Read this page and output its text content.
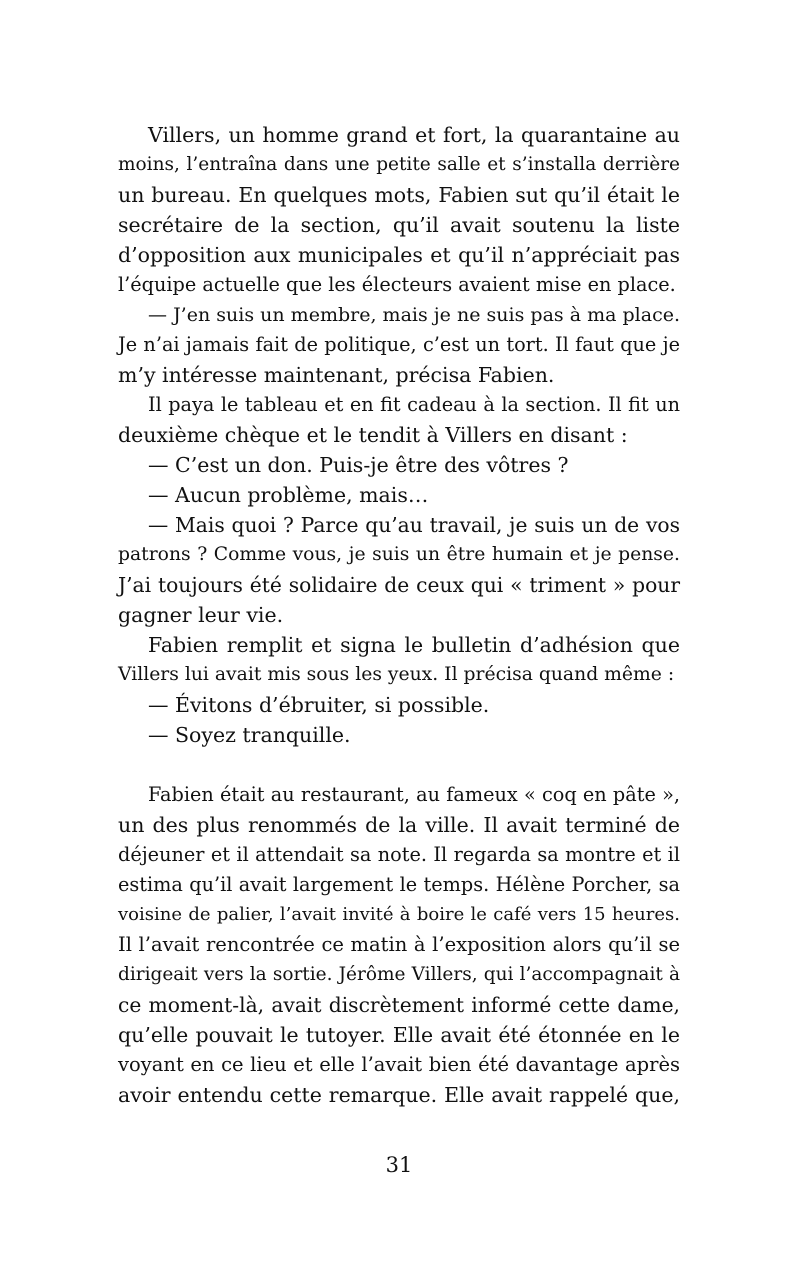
Villers, un homme grand et fort, la quarantaine au
moins, l’entraîna dans une petite salle et s’installa derrière
un bureau. En quelques mots, Fabien sut qu’il était le
secrétaire de la section, qu’il avait soutenu la liste
d’opposition aux municipales et qu’il n’appréciait pas
l’équipe actuelle que les électeurs avaient mise en place.
— J’en suis un membre, mais je ne suis pas à ma place.
Je n’ai jamais fait de politique, c’est un tort. Il faut que je
m’y intéresse maintenant, précisa Fabien.
Il paya le tableau et en fit cadeau à la section. Il fit un
deuxième chèque et le tendit à Villers en disant :
— C’est un don. Puis-je être des vôtres ?
— Aucun problème, mais…
— Mais quoi ? Parce qu’au travail, je suis un de vos
patrons ? Comme vous, je suis un être humain et je pense.
J’ai toujours été solidaire de ceux qui « triment » pour
gagner leur vie.
Fabien remplit et signa le bulletin d’adhésion que
Villers lui avait mis sous les yeux. Il précisa quand même :
— Évitons d’ébruiter, si possible.
— Soyez tranquille.
Fabien était au restaurant, au fameux « coq en pâte »,
un des plus renommés de la ville. Il avait terminé de
déjeuner et il attendait sa note. Il regarda sa montre et il
estima qu’il avait largement le temps. Hélène Porcher, sa
voisine de palier, l’avait invité à boire le café vers 15 heures.
Il l’avait rencontrée ce matin à l’exposition alors qu’il se
dirigeait vers la sortie. Jérôme Villers, qui l’accompagnait à
ce moment-là, avait discrètement informé cette dame,
qu’elle pouvait le tutoyer. Elle avait été étonnée en le
voyant en ce lieu et elle l’avait bien été davantage après
avoir entendu cette remarque. Elle avait rappelé que,
31
